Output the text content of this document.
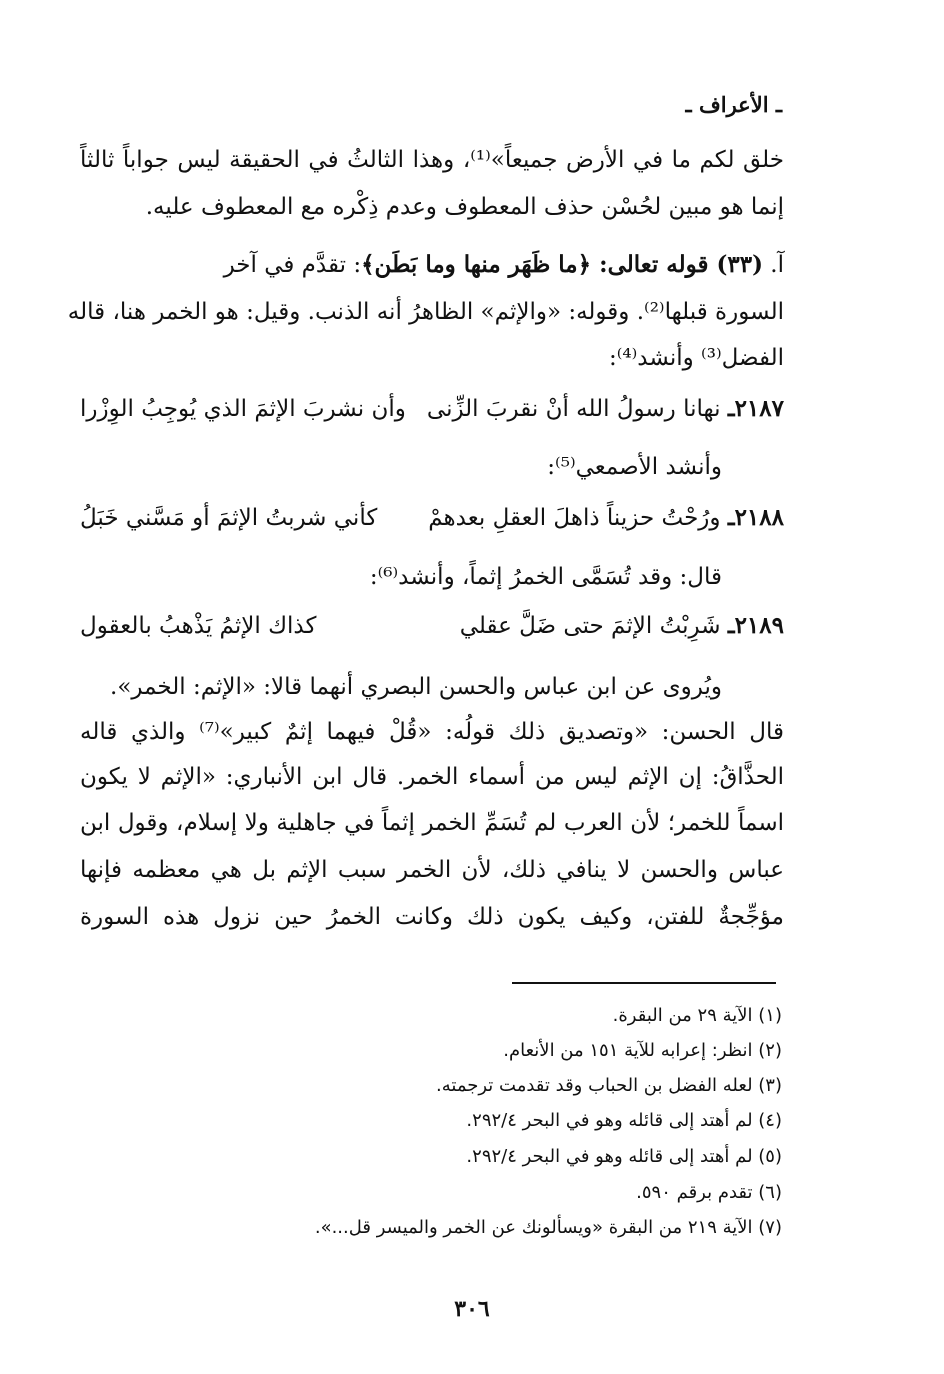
ـ الأعراف ـ
خلق لكم ما في الأرض جميعاً»⁽¹⁾، وهذا الثالثُ في الحقيقة ليس جواباً ثالثاً
إنما هو مبين لحُسْن حذف المعطوف وعدم ذِكْره مع المعطوف عليه.
آ. (٣٣) قوله تعالى: ﴿ما ظَهَر منها وما بَطَن﴾: تقدَّم في آخر
السورة قبلها⁽²⁾. وقوله: «والإثم» الظاهرُ أنه الذنب. وقيل: هو الخمر هنا، قاله
الفضل⁽³⁾ وأنشد⁽⁴⁾:
٢١٨٧ـ نهانا رسولُ الله أنْ نقربَ الزِّنى
وأن نشربَ الإثمَ الذي يُوجِبُ الوِزْرا
وأنشد الأصمعي⁽⁵⁾:
٢١٨٨ـ ورُحْتُ حزيناً ذاهلَ العقلِ بعدهمْ
كأني شربتُ الإثمَ أو مَسَّني خَبَلُ
قال: وقد تُسَمَّى الخمرُ إثماً، وأنشد⁽⁶⁾:
٢١٨٩ـ شَرِبْتُ الإثمَ حتى ضَلَّ عقلي
كذاك الإثمُ يَذْهبُ بالعقول
ويُروى عن ابن عباس والحسن البصري أنهما قالا: «الإثم: الخمر».
قال الحسن: «وتصديق ذلك قولُه: «قُلْ فيهما إثمٌ كبير»⁽⁷⁾ والذي قاله
الحذَّاقُ: إن الإثم ليس من أسماء الخمر. قال ابن الأنباري: «الإثم لا يكون
اسماً للخمر؛ لأن العرب لم تُسَمِّ الخمر إثماً في جاهلية ولا إسلام، وقول ابن
عباس والحسن لا ينافي ذلك، لأن الخمر سبب الإثم بل هي معظمه فإنها
مؤجِّجةٌ للفتن، وكيف يكون ذلك وكانت الخمرُ حين نزول هذه السورة
(١) الآية ٢٩ من البقرة.
(٢) انظر: إعرابه للآية ١٥١ من الأنعام.
(٣) لعله الفضل بن الحباب وقد تقدمت ترجمته.
(٤) لم أهتد إلى قائله وهو في البحر ٢٩٢/٤.
(٥) لم أهتد إلى قائله وهو في البحر ٢٩٢/٤.
(٦) تقدم برقم ٥٩٠.
(٧) الآية ٢١٩ من البقرة «ويسألونك عن الخمر والميسر قل...».
٣٠٦
